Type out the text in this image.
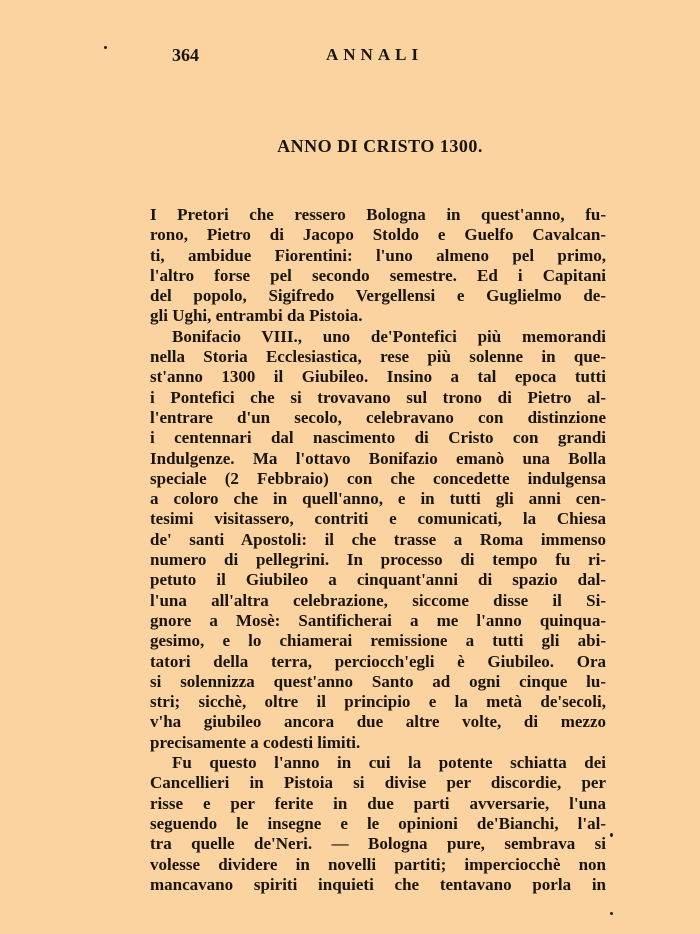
364	ANNALI
ANNO DI CRISTO 1300.
I Pretori che ressero Bologna in quest'anno, fu-
rono, Pietro di Jacopo Stoldo e Guelfo Cavalcan-
ti, ambidue Fiorentini: l'uno almeno pel primo,
l'altro forse pel secondo semestre. Ed i Capitani
del popolo, Sigifredo Vergellensi e Guglielmo de-
gli Ughi, entrambi da Pistoia.
Bonifacio VIII., uno de'Pontefici più memorandi
nella Storia Ecclesiastica, rese più solenne in que-
st'anno 1300 il Giubileo. Insino a tal epoca tutti
i Pontefici che si trovavano sul trono di Pietro al-
l'entrare d'un secolo, celebravano con distinzione
i centennari dal nascimento di Cristo con grandi
Indulgenze. Ma l'ottavo Bonifazio emanò una Bolla
speciale (2 Febbraio) con che concedette indulgensa
a coloro che in quell'anno, e in tutti gli anni cen-
tesimi visitassero, contriti e comunicati, la Chiesa
de' santi Apostoli: il che trasse a Roma immenso
numero di pellegrini. In processo di tempo fu ri-
petuto il Giubileo a cinquant'anni di spazio dal-
l'una all'altra celebrazione, siccome disse il Si-
gnore a Mosè: Santificherai a me l'anno quinqua-
gesimo, e lo chiamerai remissione a tutti gli abi-
tatori della terra, perciocch'egli è Giubileo. Ora
si solennizza quest'anno Santo ad ogni cinque lu-
stri; sicchè, oltre il principio e la metà de'secoli,
v'ha giubileo ancora due altre volte, di mezzo
precisamente a codesti limiti.
Fu questo l'anno in cui la potente schiatta dei
Cancellieri in Pistoia si divise per discordie, per
risse e per ferite in due parti avversarie, l'una
seguendo le insegne e le opinioni de'Bianchi, l'al-
tra quelle de'Neri. — Bologna pure, sembrava si
volesse dividere in novelli partiti; imperciocchè non
mancavano spiriti inquieti che tentavano porla in
